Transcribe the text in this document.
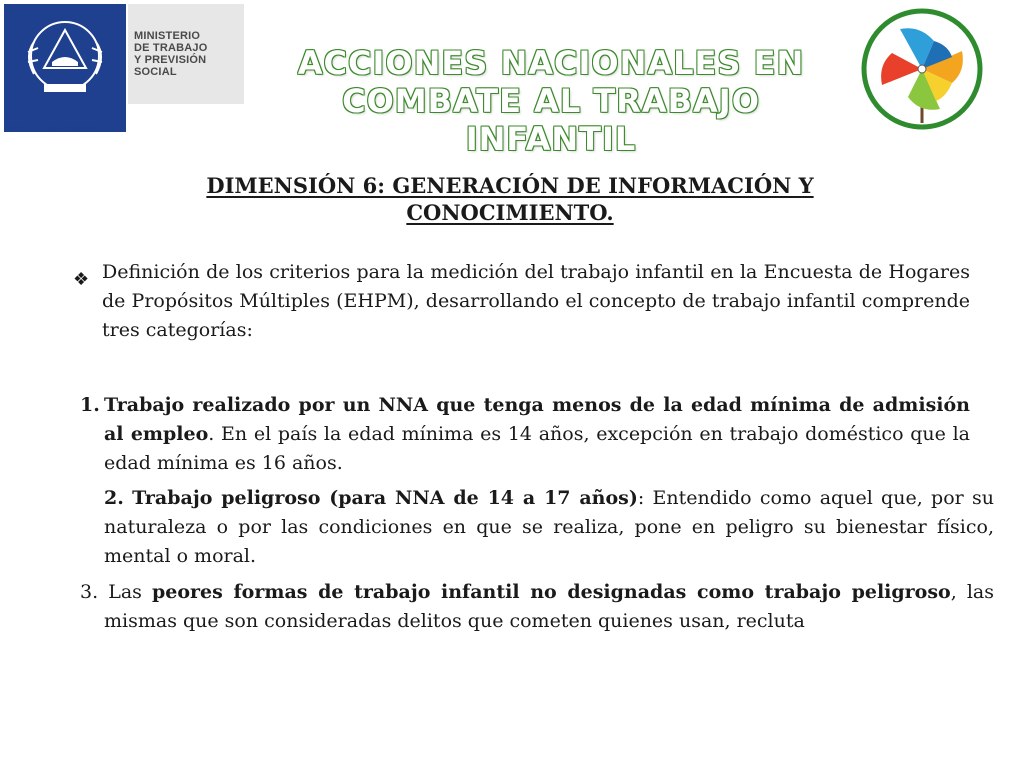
GOBIERNO
DE EL SALVADOR
MINISTERIO
DE TRABAJO
Y PREVISIÓN
SOCIAL	ACCIONES NACIONALES EN COMBATE AL TRABAJO INFANTIL
DIMENSIÓN 6: GENERACIÓN DE INFORMACIÓN Y CONOCIMIENTO.
❖ Definición de los criterios para la medición del trabajo infantil en la Encuesta de Hogares de Propósitos Múltiples (EHPM), desarrollando el concepto de trabajo infantil comprende tres categorías:

1. Trabajo realizado por un NNA que tenga menos de la edad mínima de admisión al empleo. En el país la edad mínima es 14 años, excepción en trabajo doméstico que la edad mínima es 16 años.

2. Trabajo peligroso (para NNA de 14 a 17 años): Entendido como aquel que, por su naturaleza o por las condiciones en que se realiza, pone en peligro su bienestar físico, mental o moral.

3. Las peores formas de trabajo infantil no designadas como trabajo peligroso, las mismas que son consideradas delitos que cometen quienes usan, recluta
